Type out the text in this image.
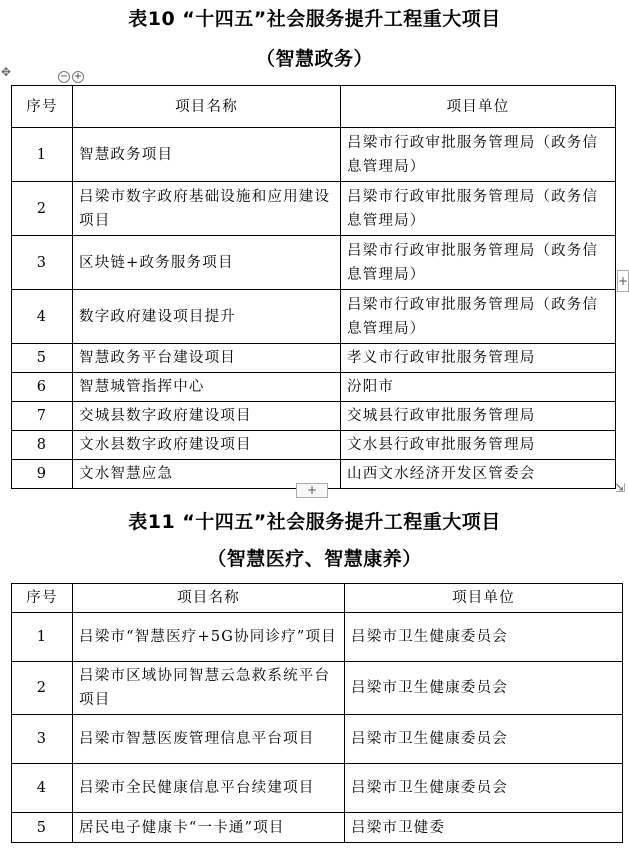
表10 “十四五”社会服务提升工程重大项目
（智慧政务）
✥	− +
序号	项目名称	项目单位
1	智慧政务项目	吕梁市行政审批服务管理局（政务信息管理局）
2	吕梁市数字政府基础设施和应用建设项目	吕梁市行政审批服务管理局（政务信息管理局）
3	区块链+政务服务项目	吕梁市行政审批服务管理局（政务信息管理局）
4	数字政府建设项目提升	吕梁市行政审批服务管理局（政务信息管理局）
5	智慧政务平台建设项目	孝义市行政审批服务管理局
6	智慧城管指挥中心	汾阳市
7	交城县数字政府建设项目	交城县行政审批服务管理局
8	文水县数字政府建设项目	文水县行政审批服务管理局
9	文水智慧应急	山西文水经济开发区管委会
+
+	⇲
表11 “十四五”社会服务提升工程重大项目
（智慧医疗、智慧康养）
序号	项目名称	项目单位
1	吕梁市“智慧医疗+5G协同诊疗”项目	吕梁市卫生健康委员会
2	吕梁市区域协同智慧云急救系统平台项目	吕梁市卫生健康委员会
3	吕梁市智慧医废管理信息平台项目	吕梁市卫生健康委员会
4	吕梁市全民健康信息平台续建项目	吕梁市卫生健康委员会
5	居民电子健康卡“一卡通”项目	吕梁市卫健委
